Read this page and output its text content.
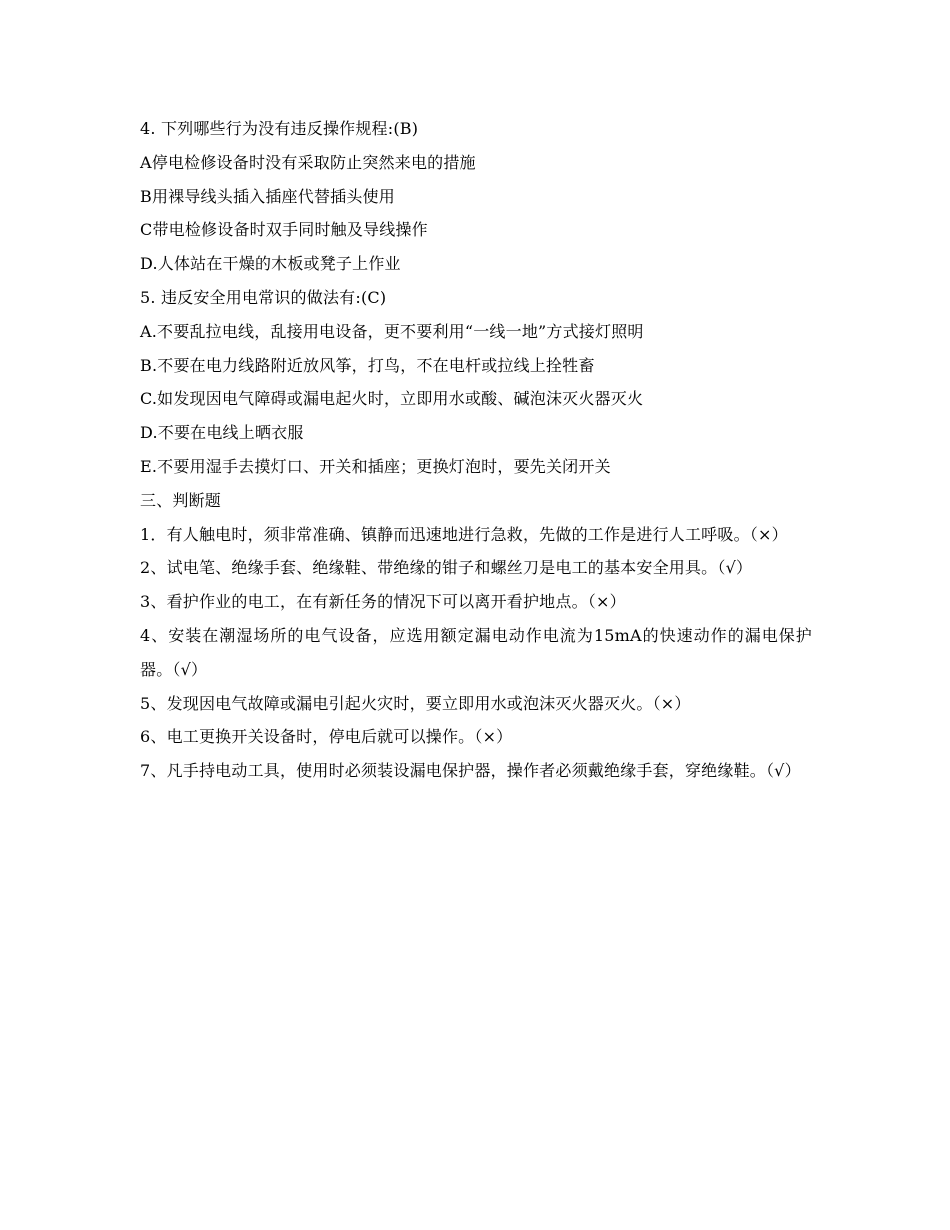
4. 下列哪些行为没有违反操作规程:(B)
A停电检修设备时没有采取防止突然来电的措施
B用裸导线头插入插座代替插头使用
C带电检修设备时双手同时触及导线操作
D.人体站在干燥的木板或凳子上作业
5. 违反安全用电常识的做法有:(C)
A.不要乱拉电线，乱接用电设备，更不要利用“一线一地”方式接灯照明
B.不要在电力线路附近放风筝，打鸟，不在电杆或拉线上拴牲畜
C.如发现因电气障碍或漏电起火时，立即用水或酸、碱泡沫灭火器灭火
D.不要在电线上晒衣服
E.不要用湿手去摸灯口、开关和插座；更换灯泡时，要先关闭开关
三、判断题
1．有人触电时，须非常准确、镇静而迅速地进行急救，先做的工作是进行人工呼吸。（×）
2、试电笔、绝缘手套、绝缘鞋、带绝缘的钳子和螺丝刀是电工的基本安全用具。（√）
3、看护作业的电工，在有新任务的情况下可以离开看护地点。（×）
4、安装在潮湿场所的电气设备，应选用额定漏电动作电流为15mA的快速动作的漏电保护器。（√）
5、发现因电气故障或漏电引起火灾时，要立即用水或泡沫灭火器灭火。（×）
6、电工更换开关设备时，停电后就可以操作。（×）
7、凡手持电动工具，使用时必须装设漏电保护器，操作者必须戴绝缘手套，穿绝缘鞋。（√）
